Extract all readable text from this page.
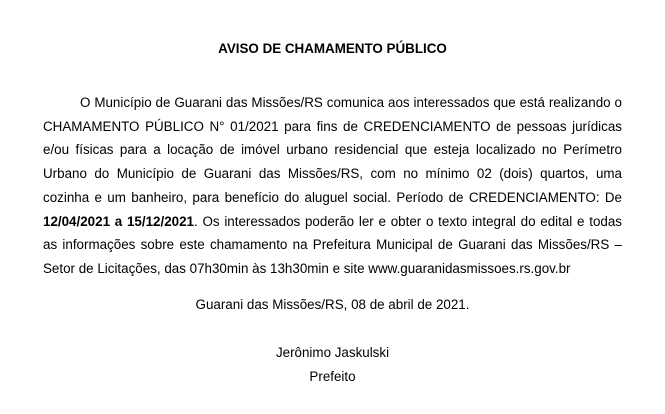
AVISO DE CHAMAMENTO PÚBLICO

O Município de Guarani das Missões/RS comunica aos interessados que está realizando o CHAMAMENTO PÚBLICO N° 01/2021 para fins de CREDENCIAMENTO de pessoas jurídicas e/ou físicas para a locação de imóvel urbano residencial que esteja localizado no Perímetro Urbano do Município de Guarani das Missões/RS, com no mínimo 02 (dois) quartos, uma cozinha e um banheiro, para benefício do aluguel social. Período de CREDENCIAMENTO: De 12/04/2021 a 15/12/2021. Os interessados poderão ler e obter o texto integral do edital e todas as informações sobre este chamamento na Prefeitura Municipal de Guarani das Missões/RS – Setor de Licitações, das 07h30min às 13h30min e site www.guaranidasmissoes.rs.gov.br

Guarani das Missões/RS, 08 de abril de 2021.
Jerônimo Jaskulski
Prefeito
